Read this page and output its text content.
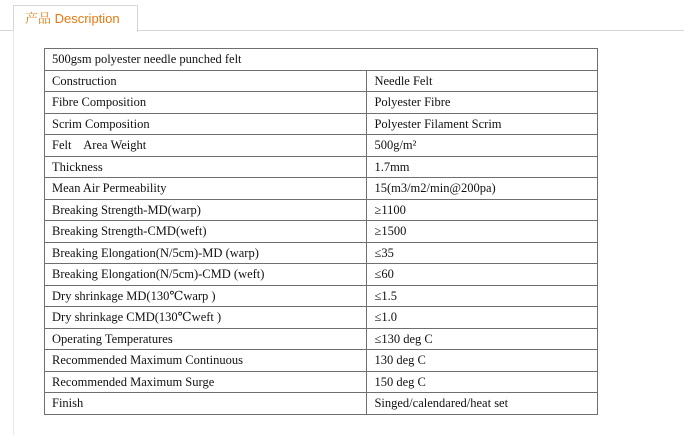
产品 Description
500gsm polyester needle punched felt	
Construction	Needle Felt
Fibre Composition	Polyester Fibre
Scrim Composition	Polyester Filament Scrim
Felt    Area Weight	500g/m²
Thickness	1.7mm
Mean Air Permeability	15(m3/m2/min@200pa)
Breaking Strength-MD(warp)	≥1100
Breaking Strength-CMD(weft)	≥1500
Breaking Elongation(N/5cm)-MD (warp)	≤35
Breaking Elongation(N/5cm)-CMD (weft)	≤60
Dry shrinkage MD(130℃warp )	≤1.5
Dry shrinkage CMD(130℃weft )	≤1.0
Operating Temperatures	≤130 deg C
Recommended Maximum Continuous	130 deg C
Recommended Maximum Surge	150 deg C
Finish	Singed/calendared/heat set
